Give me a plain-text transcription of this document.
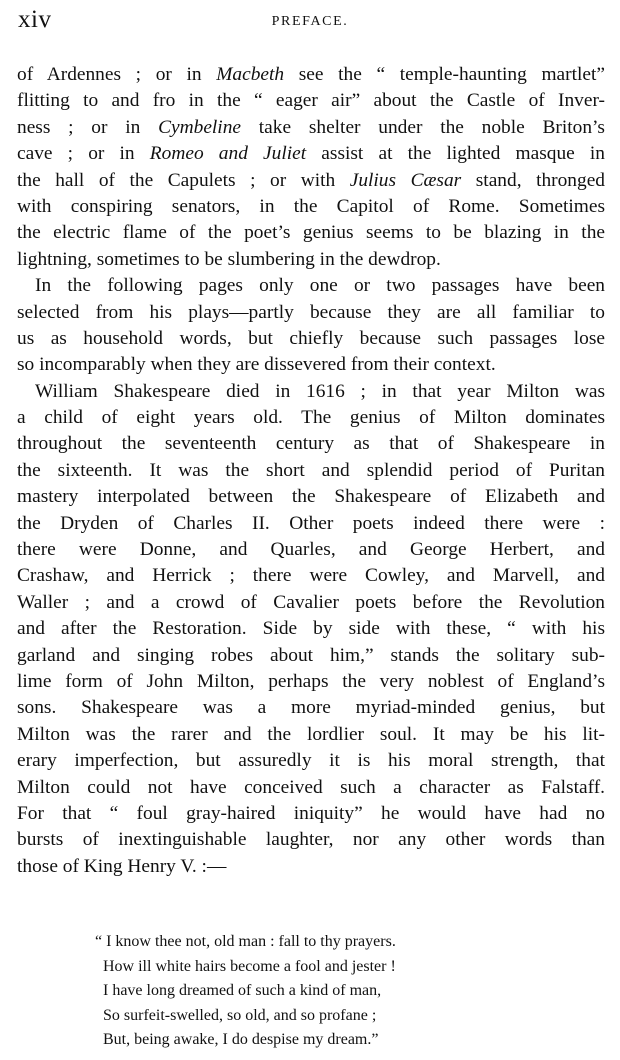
xiv	PREFACE.
of Ardennes ; or in Macbeth see the “ temple-haunting martlet”
flitting to and fro in the “ eager air” about the Castle of Inver-
ness ; or in Cymbeline take shelter under the noble Briton’s
cave ; or in Romeo and Juliet assist at the lighted masque in
the hall of the Capulets ; or with Julius Cæsar stand, thronged
with conspiring senators, in the Capitol of Rome. Sometimes
the electric flame of the poet’s genius seems to be blazing in the
lightning, sometimes to be slumbering in the dewdrop.
In the following pages only one or two passages have been
selected from his plays—partly because they are all familiar to
us as household words, but chiefly because such passages lose
so incomparably when they are dissevered from their context.
William Shakespeare died in 1616 ; in that year Milton was
a child of eight years old. The genius of Milton dominates
throughout the seventeenth century as that of Shakespeare in
the sixteenth. It was the short and splendid period of Puritan
mastery interpolated between the Shakespeare of Elizabeth and
the Dryden of Charles II. Other poets indeed there were :
there were Donne, and Quarles, and George Herbert, and
Crashaw, and Herrick ; there were Cowley, and Marvell, and
Waller ; and a crowd of Cavalier poets before the Revolution
and after the Restoration. Side by side with these, “ with his
garland and singing robes about him,” stands the solitary sub-
lime form of John Milton, perhaps the very noblest of England’s
sons. Shakespeare was a more myriad-minded genius, but
Milton was the rarer and the lordlier soul. It may be his lit-
erary imperfection, but assuredly it is his moral strength, that
Milton could not have conceived such a character as Falstaff.
For that “ foul gray-haired iniquity” he would have had no
bursts of inextinguishable laughter, nor any other words than
those of King Henry V. :—
“ I know thee not, old man : fall to thy prayers.
How ill white hairs become a fool and jester !
I have long dreamed of such a kind of man,
So surfeit-swelled, so old, and so profane ;
But, being awake, I do despise my dream.”
